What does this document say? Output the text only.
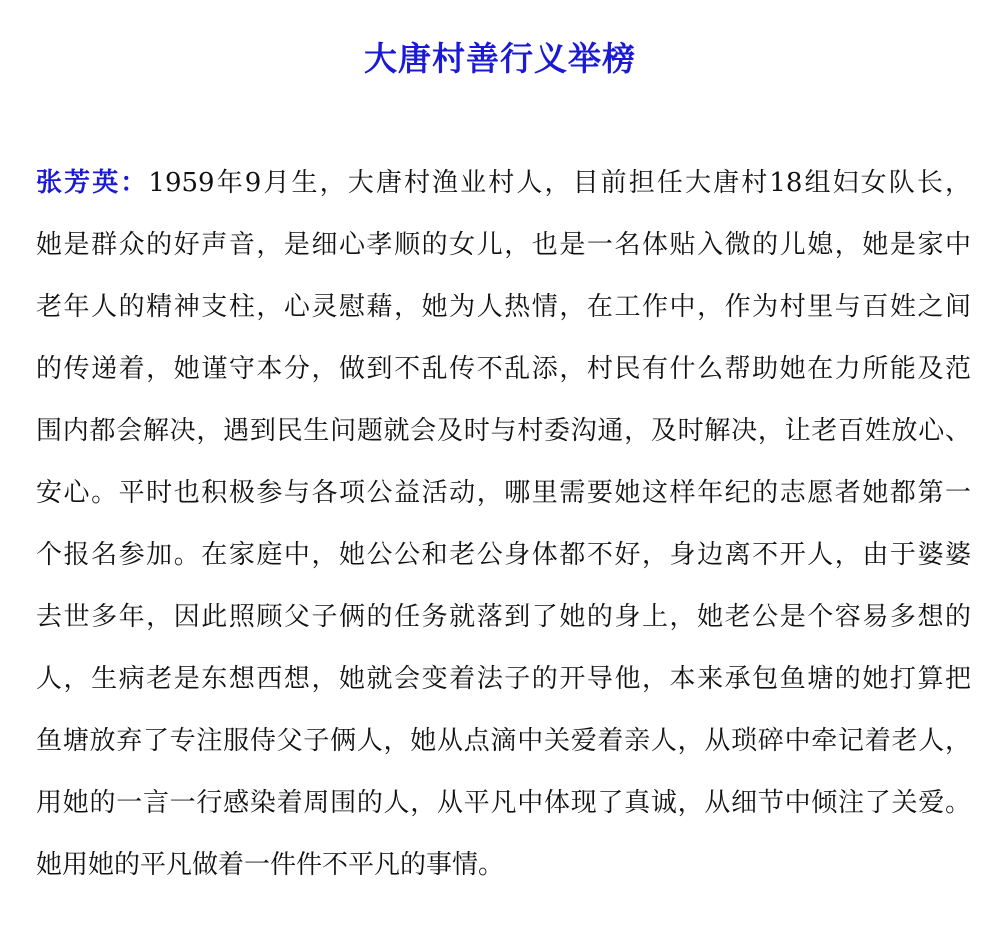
大唐村善行义举榜
张芳英：1959年9月生，大唐村渔业村人，目前担任大唐村18组妇女队长，
她是群众的好声音，是细心孝顺的女儿，也是一名体贴入微的儿媳，她是家中
老年人的精神支柱，心灵慰藉，她为人热情，在工作中，作为村里与百姓之间
的传递着，她谨守本分，做到不乱传不乱添，村民有什么帮助她在力所能及范
围内都会解决，遇到民生问题就会及时与村委沟通，及时解决，让老百姓放心、
安心。平时也积极参与各项公益活动，哪里需要她这样年纪的志愿者她都第一
个报名参加。在家庭中，她公公和老公身体都不好，身边离不开人，由于婆婆
去世多年，因此照顾父子俩的任务就落到了她的身上，她老公是个容易多想的
人，生病老是东想西想，她就会变着法子的开导他，本来承包鱼塘的她打算把
鱼塘放弃了专注服侍父子俩人，她从点滴中关爱着亲人，从琐碎中牵记着老人，
用她的一言一行感染着周围的人，从平凡中体现了真诚，从细节中倾注了关爱。
她用她的平凡做着一件件不平凡的事情。
